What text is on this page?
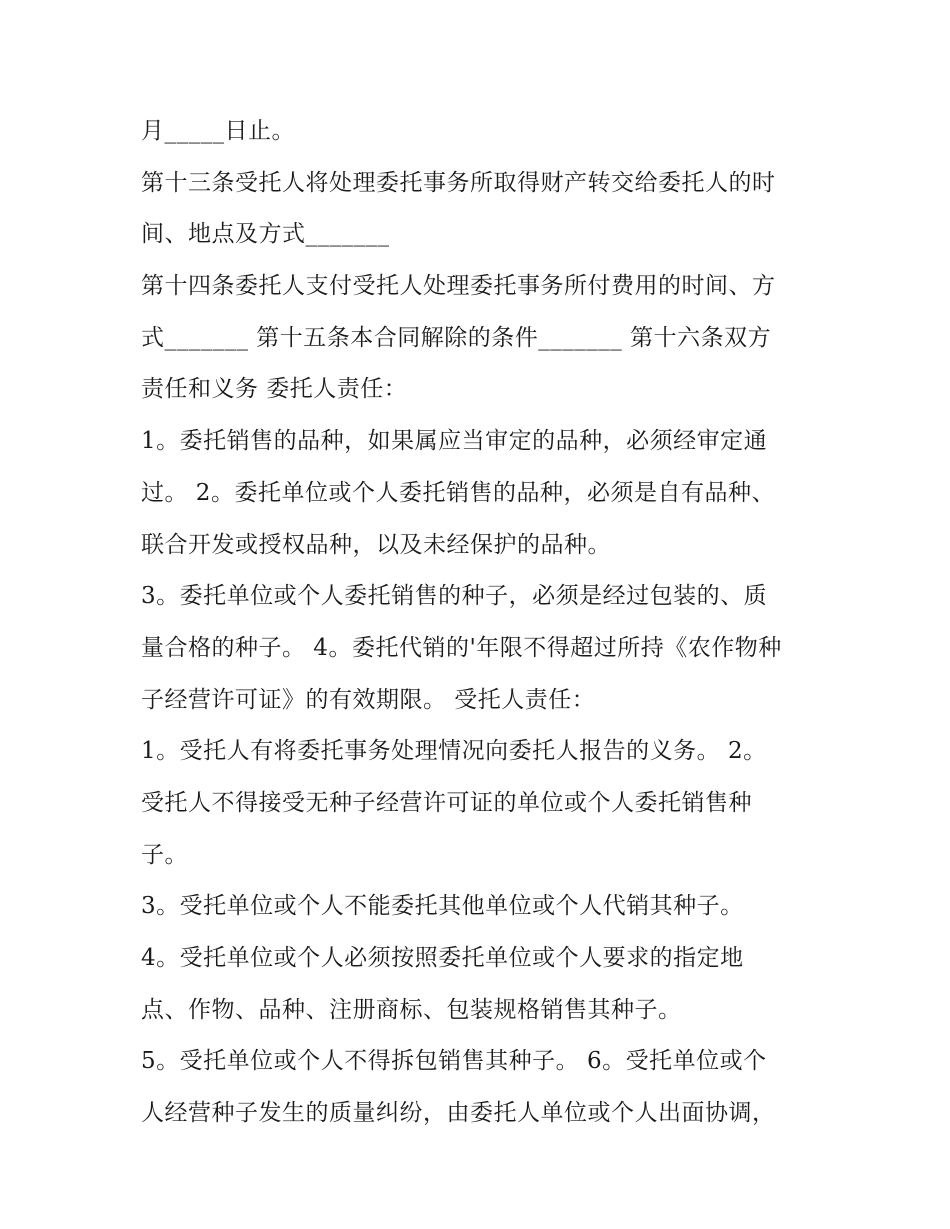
月_____日止。
第十三条受托人将处理委托事务所取得财产转交给委托人的时
间、地点及方式_______
第十四条委托人支付受托人处理委托事务所付费用的时间、方
式_______ 第十五条本合同解除的条件_______ 第十六条双方
责任和义务 委托人责任：
1。委托销售的品种，如果属应当审定的品种，必须经审定通
过。 2。委托单位或个人委托销售的品种，必须是自有品种、
联合开发或授权品种，以及未经保护的品种。
3。委托单位或个人委托销售的种子，必须是经过包装的、质
量合格的种子。 4。委托代销的'年限不得超过所持《农作物种
子经营许可证》的有效期限。 受托人责任：
1。受托人有将委托事务处理情况向委托人报告的义务。 2。
受托人不得接受无种子经营许可证的单位或个人委托销售种
子。
3。受托单位或个人不能委托其他单位或个人代销其种子。
4。受托单位或个人必须按照委托单位或个人要求的指定地
点、作物、品种、注册商标、包装规格销售其种子。
5。受托单位或个人不得拆包销售其种子。 6。受托单位或个
人经营种子发生的质量纠纷，由委托人单位或个人出面协调，
